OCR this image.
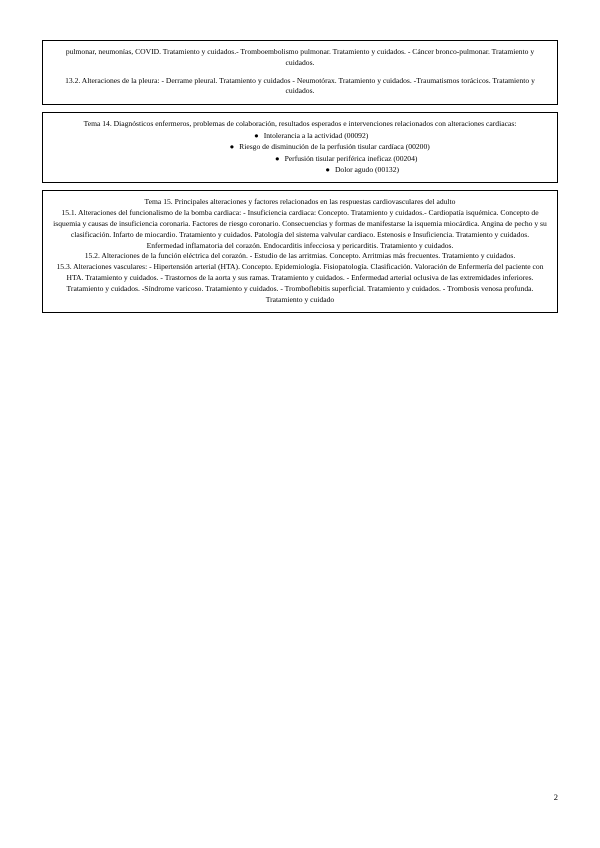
pulmonar, neumonías, COVID. Tratamiento y cuidados.- Tromboembolismo pulmonar. Tratamiento y cuidados. - Cáncer bronco-pulmonar. Tratamiento y cuidados.

13.2. Alteraciones de la pleura: - Derrame pleural. Tratamiento y cuidados - Neumotórax. Tratamiento y cuidados. -Traumatismos torácicos. Tratamiento y cuidados.

Tema 14. Diagnósticos enfermeros, problemas de colaboración, resultados esperados e intervenciones relacionados con alteraciones cardiacas:

● Intolerancia a la actividad (00092)
● Riesgo de disminución de la perfusión tisular cardíaca (00200)
● Perfusión tisular periférica ineficaz (00204)
● Dolor agudo (00132)

Tema 15. Principales alteraciones y factores relacionados en las respuestas cardiovasculares del adulto

15.1. Alteraciones del funcionalismo de la bomba cardiaca: - Insuficiencia cardiaca: Concepto. Tratamiento y cuidados.- Cardiopatía isquémica. Concepto de isquemia y causas de insuficiencia coronaria. Factores de riesgo coronario. Consecuencias y formas de manifestarse la isquemia miocárdica. Angina de pecho y su clasificación. Infarto de miocardio. Tratamiento y cuidados. Patología del sistema valvular cardiaco. Estenosis e Insuficiencia. Tratamiento y cuidados. Enfermedad inflamatoria del corazón. Endocarditis infecciosa y pericarditis. Tratamiento y cuidados.

15.2. Alteraciones de la función eléctrica del corazón. - Estudio de las arritmias. Concepto. Arritmias más frecuentes. Tratamiento y cuidados.

15.3. Alteraciones vasculares: - Hipertensión arterial (HTA). Concepto. Epidemiología. Fisiopatología. Clasificación. Valoración de Enfermería del paciente con HTA. Tratamiento y cuidados. - Trastornos de la aorta y sus ramas. Tratamiento y cuidados. - Enfermedad arterial oclusiva de las extremidades inferiores. Tratamiento y cuidados. -Síndrome varicoso. Tratamiento y cuidados. - Tromboflebitis superficial. Tratamiento y cuidados. - Trombosis venosa profunda. Tratamiento y cuidado

2
